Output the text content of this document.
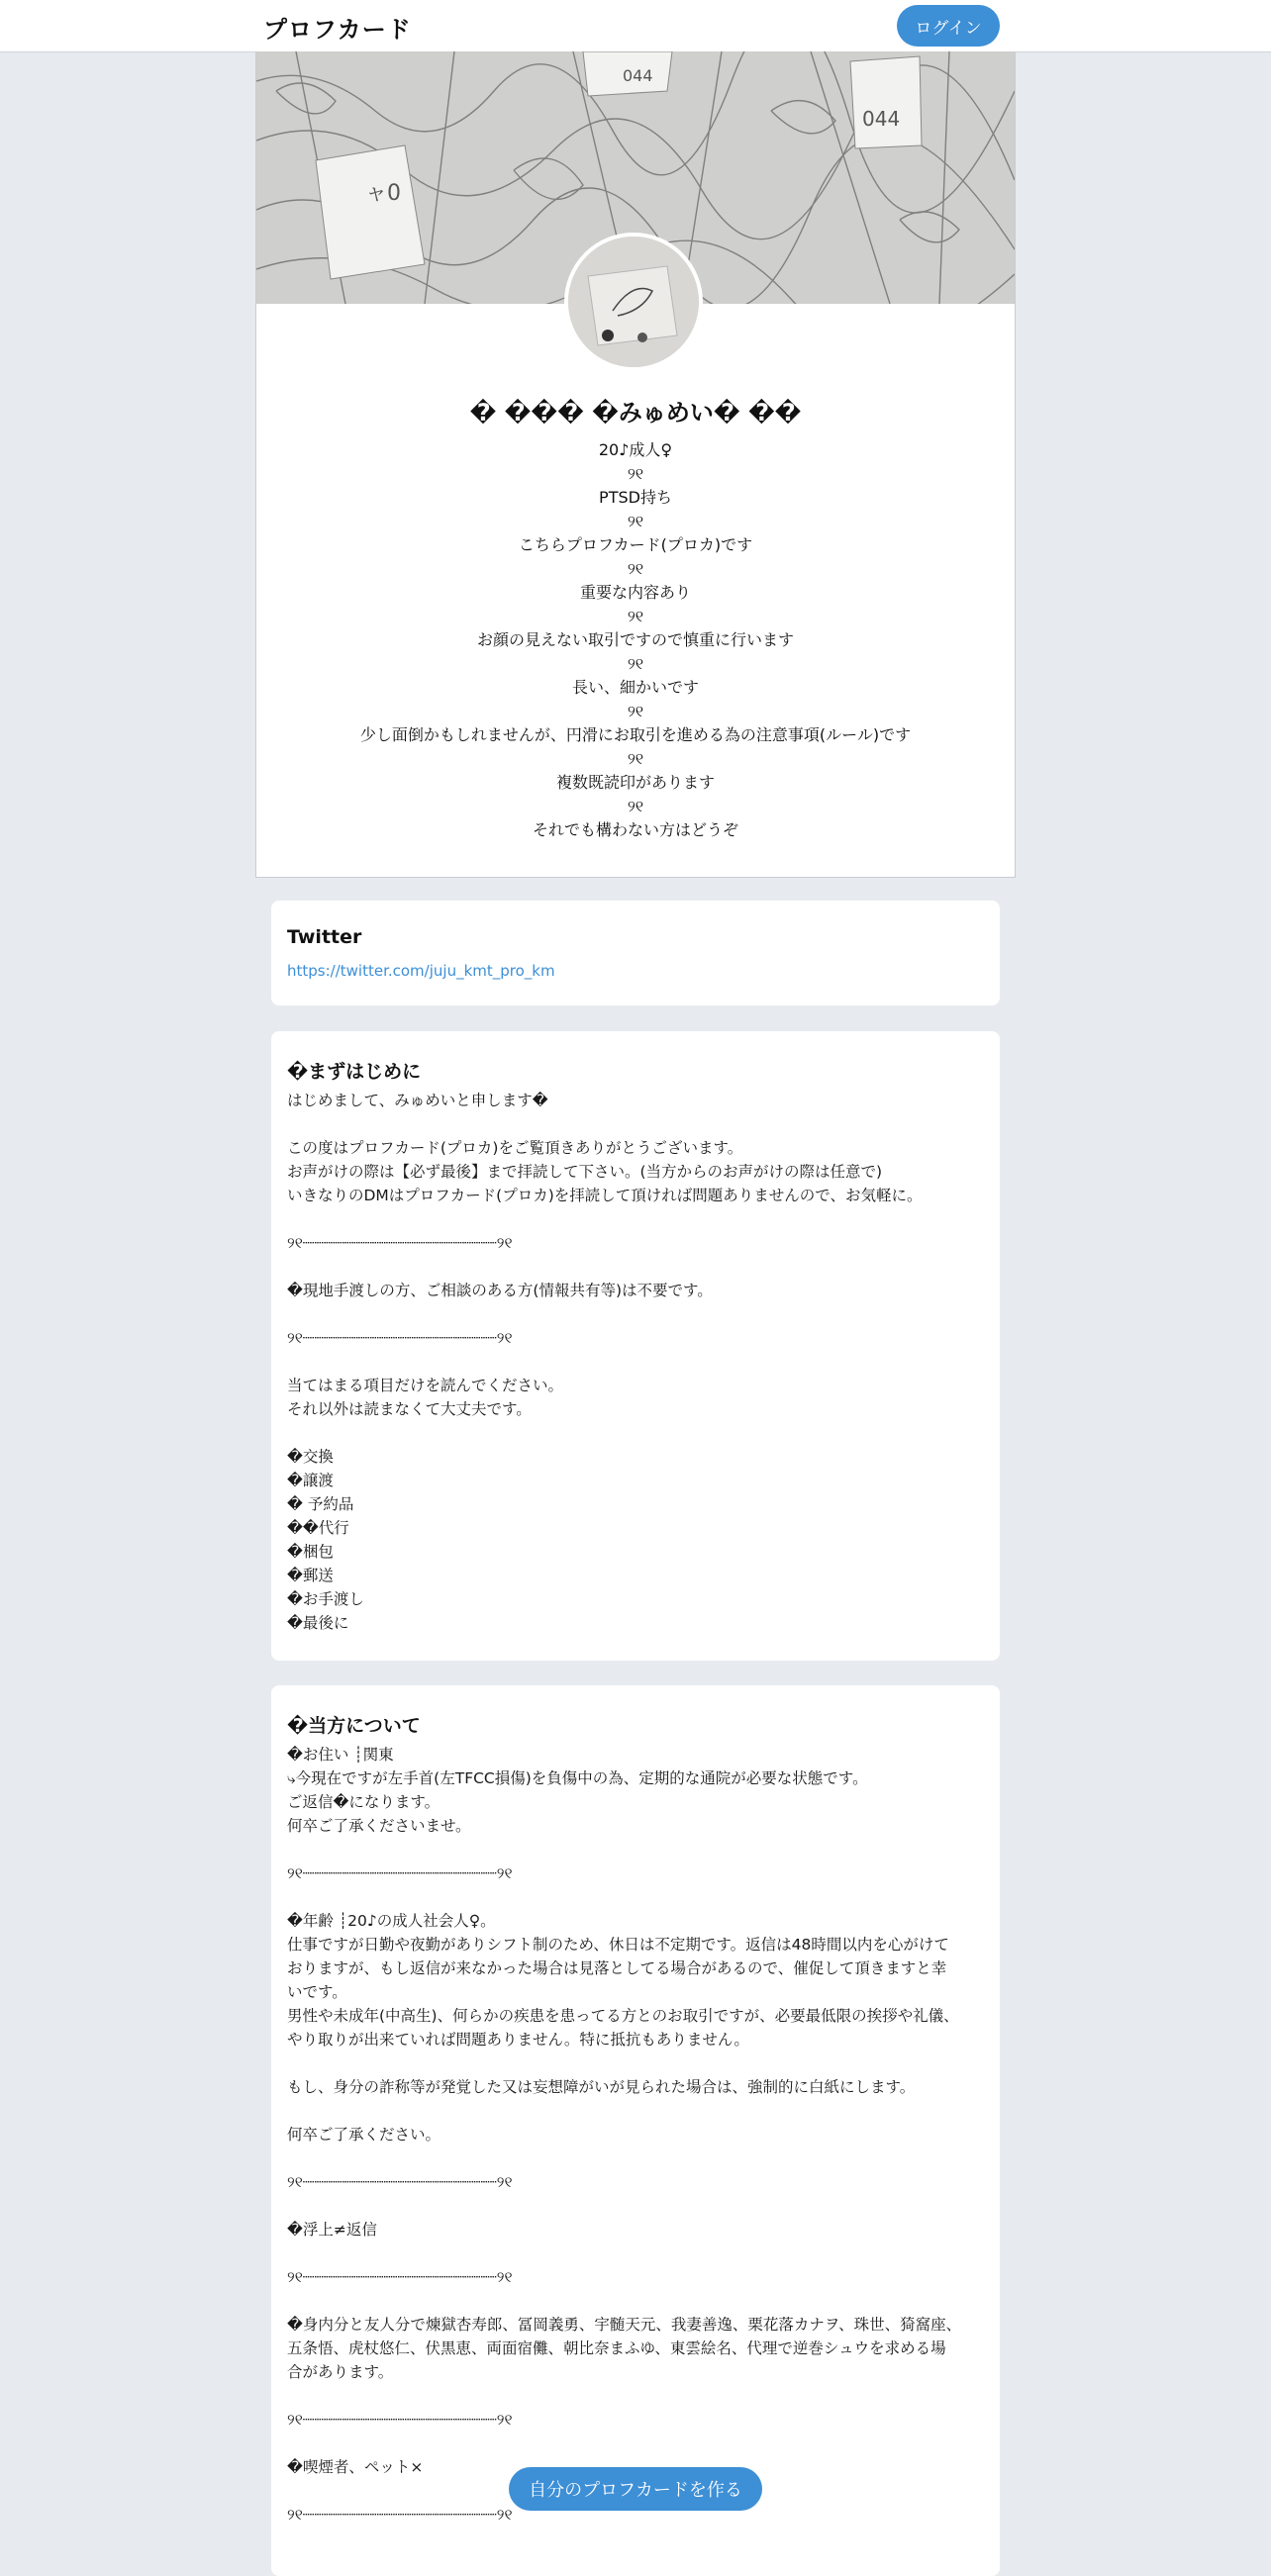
プロフカード	ログイン
ャ0
044
044
� ��� �みゅめい� ��
20♪成人♀
୨୧
PTSD持ち
୨୧
こちらプロフカード(プロカ)です
୨୧
重要な内容あり
୨୧
お顔の見えない取引ですので慎重に行います
୨୧
長い、細かいです
୨୧
少し面倒かもしれませんが、円滑にお取引を進める為の注意事項(ルール)です
୨୧
複数既読印があります
୨୧
それでも構わない方はどうぞ
Twitter
https://twitter.com/juju_kmt_pro_km
�まずはじめに
はじめまして、みゅめいと申します�
この度はプロフカード(プロカ)をご覧頂きありがとうございます。
お声がけの際は【必ず最後】まで拝読して下さい。(当方からのお声がけの際は任意で)
いきなりのDMはプロフカード(プロカ)を拝読して頂ければ問題ありませんので、お気軽に。
୨୧┈┈┈┈┈┈┈┈┈┈┈┈┈┈┈┈┈┈┈┈┈୨୧
�現地手渡しの方、ご相談のある方(情報共有等)は不要です。
୨୧┈┈┈┈┈┈┈┈┈┈┈┈┈┈┈┈┈┈┈┈┈୨୧
当てはまる項目だけを読んでください。
それ以外は読まなくて大丈夫です。
�交換
�譲渡
� 予約品
��代行
�梱包
�郵送
�お手渡し
�最後に
�当方について
�お住い ┊関東
⤷今現在ですが左手首(左TFCC損傷)を負傷中の為、定期的な通院が必要な状態です。
ご返信�になります。
何卒ご了承くださいませ。
୨୧┈┈┈┈┈┈┈┈┈┈┈┈┈┈┈┈┈┈┈┈┈୨୧
�年齢 ┊20♪の成人社会人♀。
仕事ですが日勤や夜勤がありシフト制のため、休日は不定期です。返信は48時間以内を心がけて
おりますが、もし返信が来なかった場合は見落としてる場合があるので、催促して頂きますと幸
いです。
男性や未成年(中高生)、何らかの疾患を患ってる方とのお取引ですが、必要最低限の挨拶や礼儀、
やり取りが出来ていれば問題ありません。特に抵抗もありません。
もし、身分の詐称等が発覚した又は妄想障がいが見られた場合は、強制的に白紙にします。
何卒ご了承ください。
୨୧┈┈┈┈┈┈┈┈┈┈┈┈┈┈┈┈┈┈┈┈┈୨୧
�浮上≠返信
୨୧┈┈┈┈┈┈┈┈┈┈┈┈┈┈┈┈┈┈┈┈┈୨୧
�身内分と友人分で煉獄杏寿郎、冨岡義勇、宇髄天元、我妻善逸、栗花落カナヲ、珠世、猗窩座、
五条悟、虎杖悠仁、伏黒恵、両面宿儺、朝比奈まふゆ、東雲絵名、代理で逆巻シュウを求める場
合があります。
୨୧┈┈┈┈┈┈┈┈┈┈┈┈┈┈┈┈┈┈┈┈┈୨୧
�喫煙者、ペット×
୨୧┈┈┈┈┈┈┈┈┈┈┈┈┈┈┈┈┈┈┈┈┈୨୧
自分のプロフカードを作る
